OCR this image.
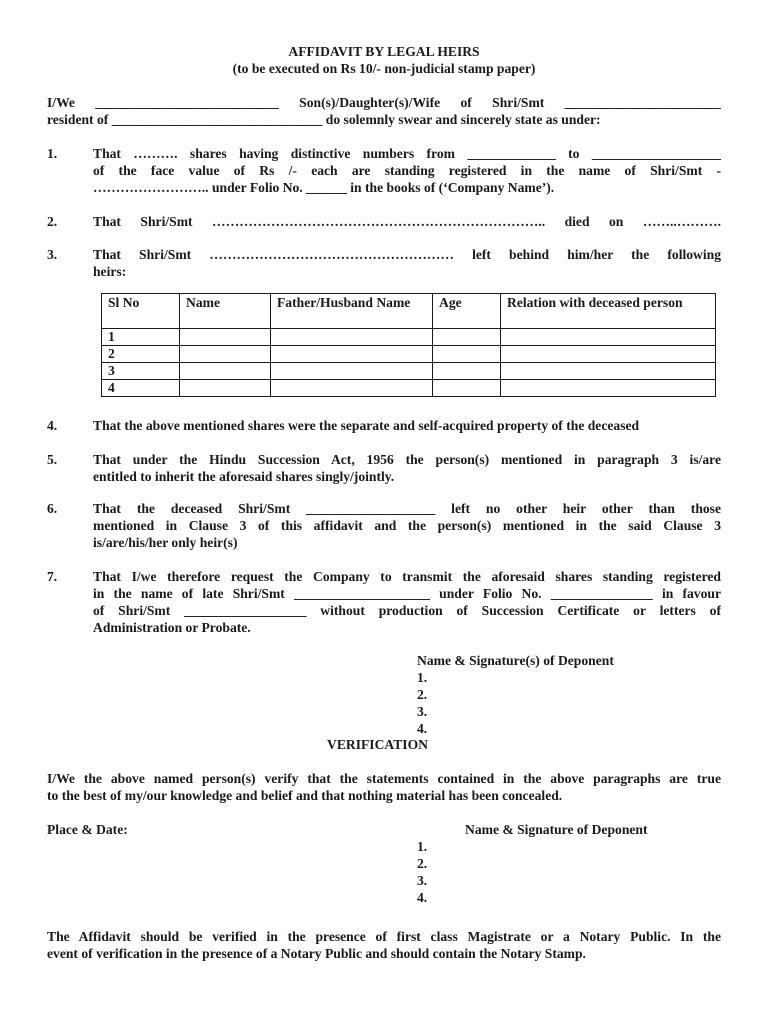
AFFIDAVIT BY LEGAL HEIRS
(to be executed on Rs 10/- non-judicial stamp paper)
I/We ___________________________ Son(s)/Daughter(s)/Wife of Shri/Smt _______________________
resident of _______________________________ do solemnly swear and sincerely state as under:
1.	That ………. shares having distinctive numbers from _____________ to ___________________
of the face value of Rs /- each are standing registered in the name of Shri/Smt -
…………………….. under Folio No. ______ in the books of (‘Company Name’).
2.	That Shri/Smt ……………………………………………………………….. died on ……..……….
3.	That Shri/Smt ……………………………………………… left behind him/her the following
heirs:
Sl No	Name	Father/Husband Name	Age	Relation with deceased person
1				
2				
3				
4				
4.	That the above mentioned shares were the separate and self-acquired property of the deceased
5.	That under the Hindu Succession Act, 1956 the person(s) mentioned in paragraph 3 is/are
entitled to inherit the aforesaid shares singly/jointly.
6.	That the deceased Shri/Smt ___________________ left no other heir other than those
mentioned in Clause 3 of this affidavit and the person(s) mentioned in the said Clause 3
is/are/his/her only heir(s)
7.	That I/we therefore request the Company to transmit the aforesaid shares standing registered
in the name of late Shri/Smt ____________________ under Folio No. _______________ in favour
of Shri/Smt __________________ without production of Succession Certificate or letters of
Administration or Probate.
Name & Signature(s) of Deponent
1.
2.
3.
4.
VERIFICATION
I/We the above named person(s) verify that the statements contained in the above paragraphs are true
to the best of my/our knowledge and belief and that nothing material has been concealed.
Place & Date:	Name & Signature of Deponent
1.
2.
3.
4.
The Affidavit should be verified in the presence of first class Magistrate or a Notary Public. In the
event of verification in the presence of a Notary Public and should contain the Notary Stamp.
